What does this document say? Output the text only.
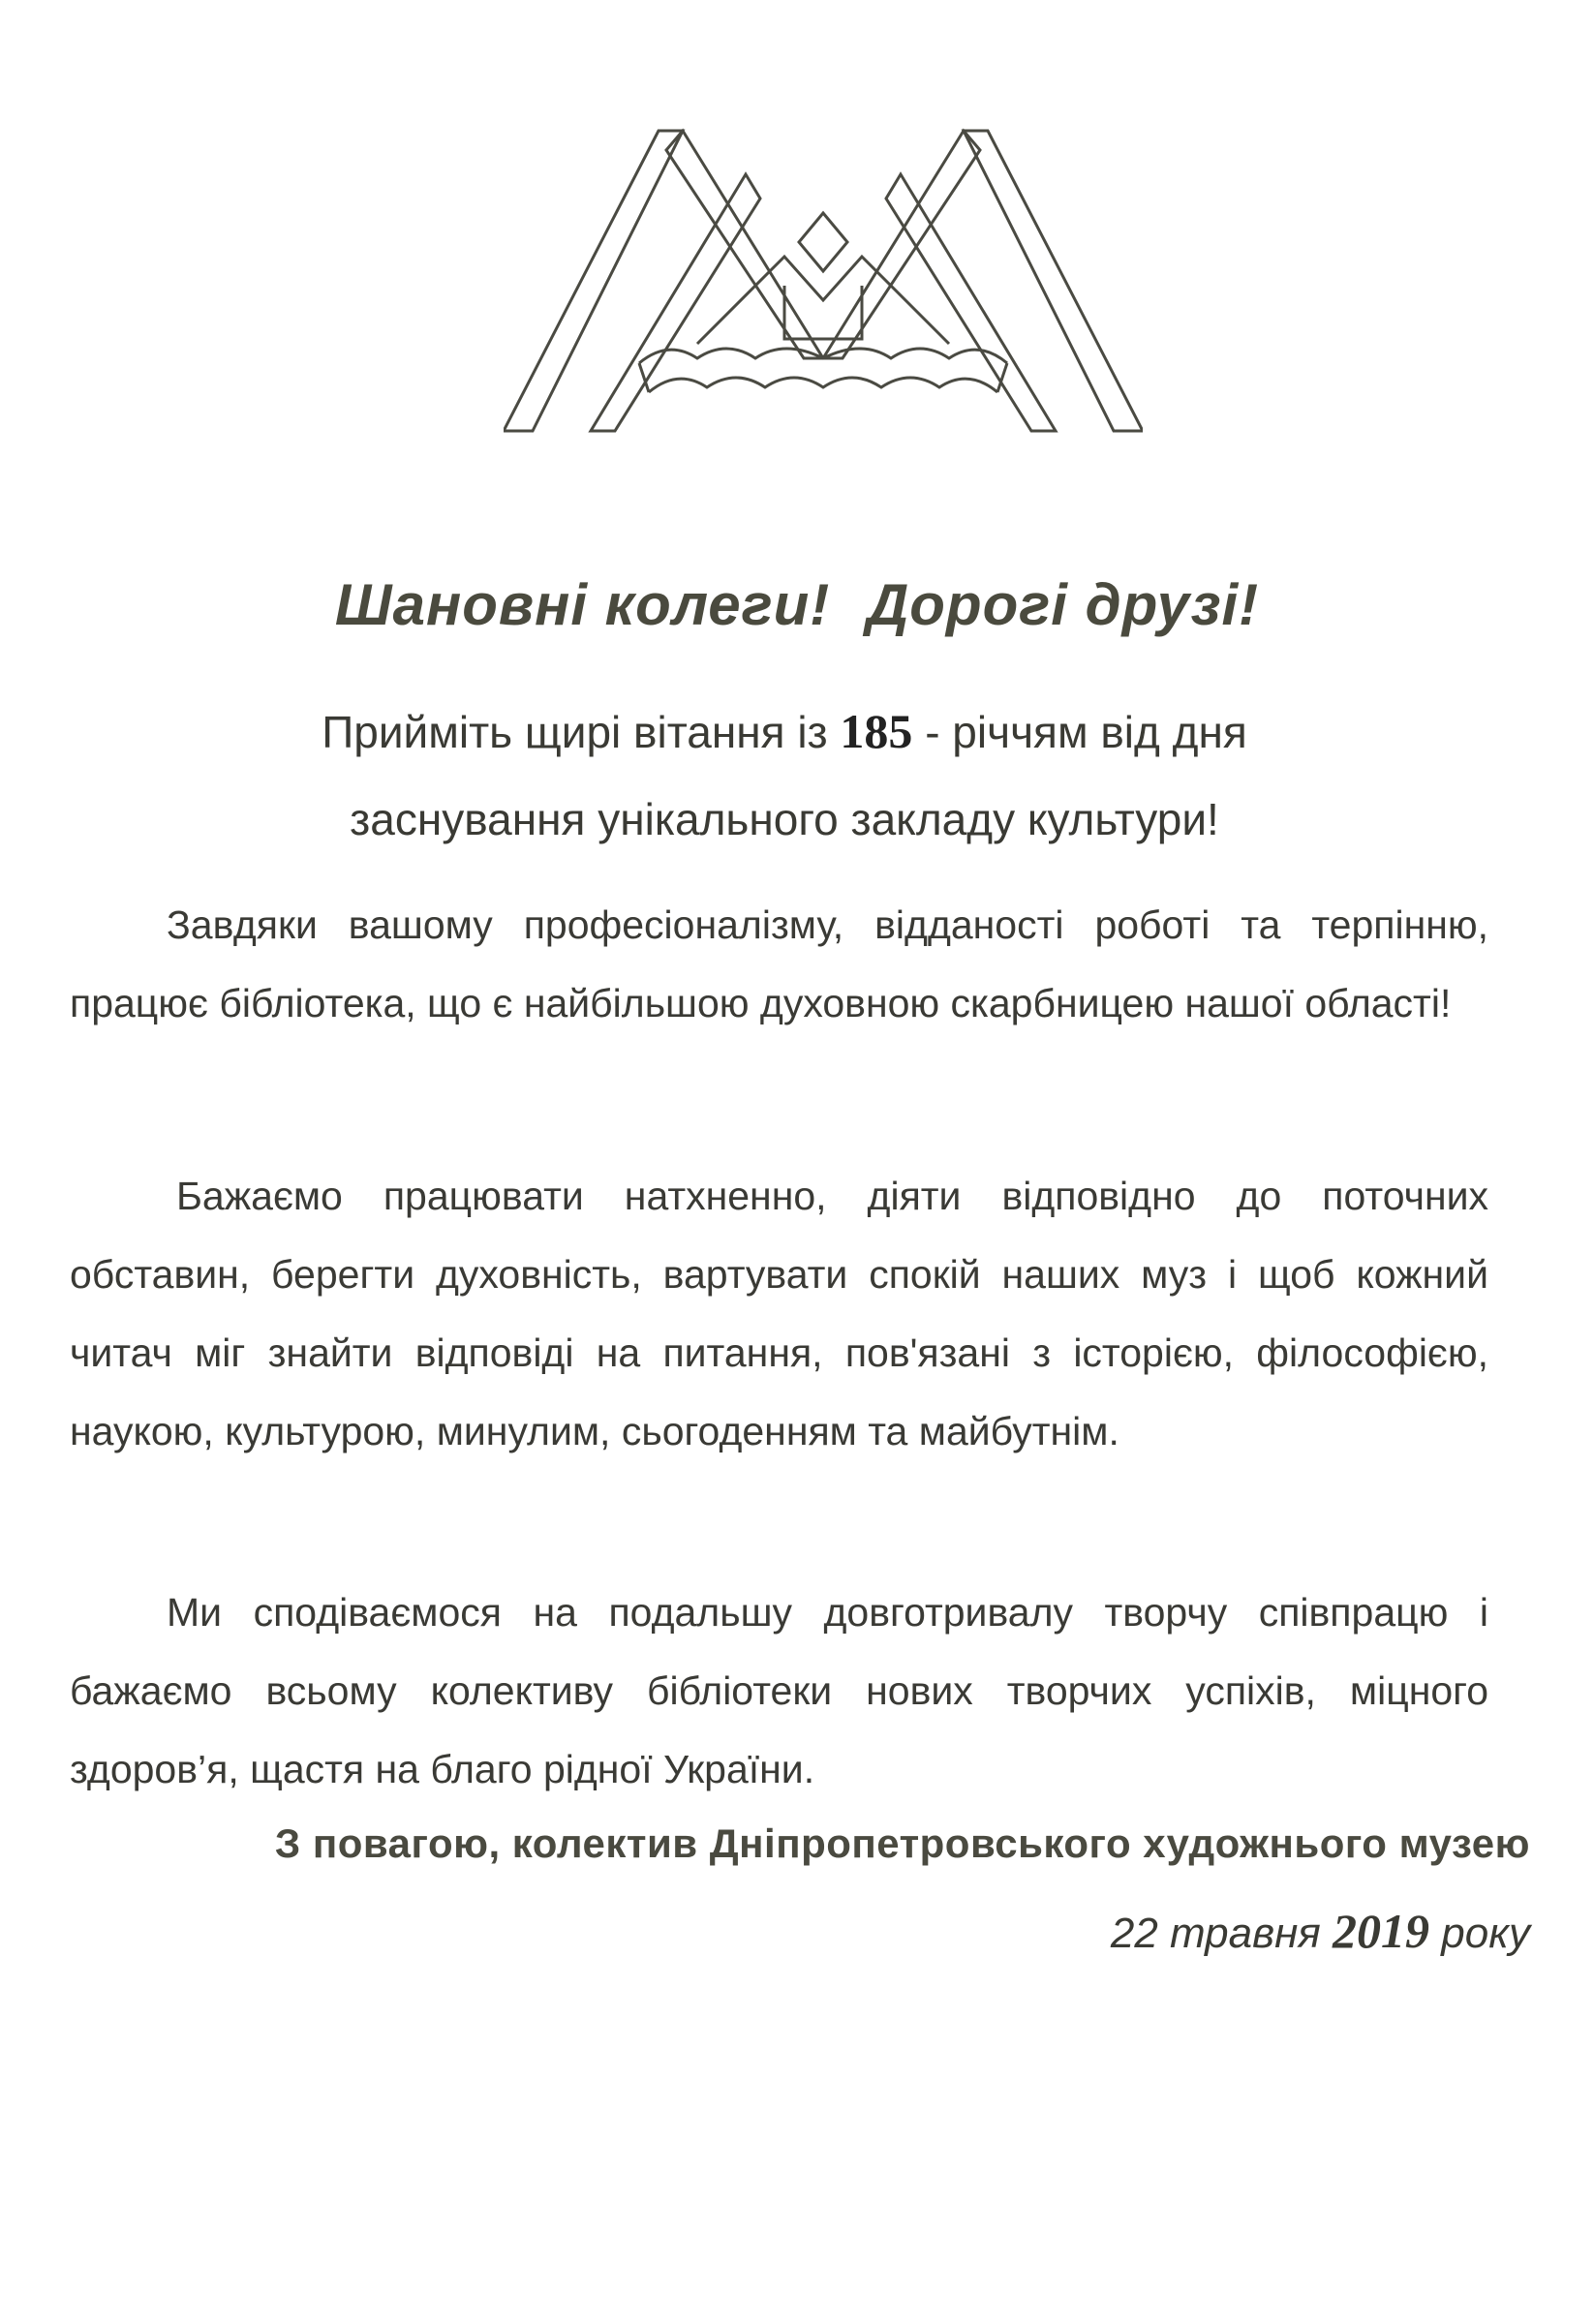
Шановні колеги! Дорогі друзі!
Прийміть щирі вітання із 185 - річчям від дня
заснування унікального закладу культури!
Завдяки вашому професіоналізму, відданості роботі та терпінню, працює бібліотека, що є найбільшою духовною скарбницею нашої області!
Бажаємо працювати натхненно, діяти відповідно до поточних обставин, берегти духовність, вартувати спокій наших муз і щоб кожний читач міг знайти відповіді на питання, пов'язані з історією, філософією, наукою, культурою, минулим, сьогоденням та майбутнім.
Ми сподіваємося на подальшу довготривалу творчу співпрацю і бажаємо всьому колективу бібліотеки нових творчих успіхів, міцного здоров’я, щастя на благо рідної України.
З повагою, колектив Дніпропетровського художнього музею
22 травня 2019 року
